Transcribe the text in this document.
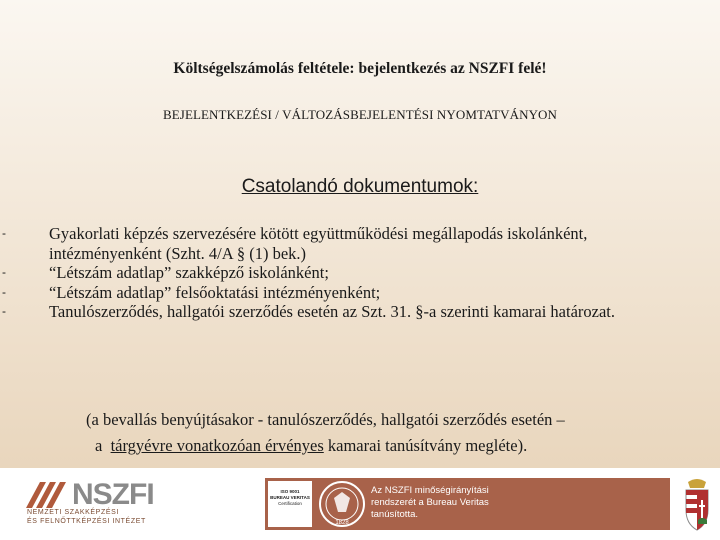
Költségelszámolás feltétele: bejelentkezés az NSZFI felé!
BEJELENTKEZÉSI / VÁLTOZÁSBEJELENTÉSI NYOMTATVÁNYON
Csatolandó dokumentumok:
-	Gyakorlati képzés szervezésére kötött együttműködési megállapodás iskolánként, intézményenként (Szht. 4/A § (1) bek.)
-	“Létszám adatlap” szakképző iskolánként;
-	“Létszám adatlap” felsőoktatási intézményenként;
-	Tanulószerződés, hallgatói szerződés esetén az Szt. 31. §-a szerinti kamarai határozat.
(a bevallás benyújtásakor - tanulószerződés, hallgatói szerződés esetén –
a tárgyévre vonatkozóan érvényes kamarai tanúsítvány megléte).
NSZFI
NEMZETI SZAKKÉPZÉSI
ÉS FELNŐTTKÉPZÉSI INTÉZET
ISO 9001
BUREAU VERITAS
Certification
1828
Az NSZFI minőségirányítási
rendszerét a Bureau Veritas
tanúsította.
